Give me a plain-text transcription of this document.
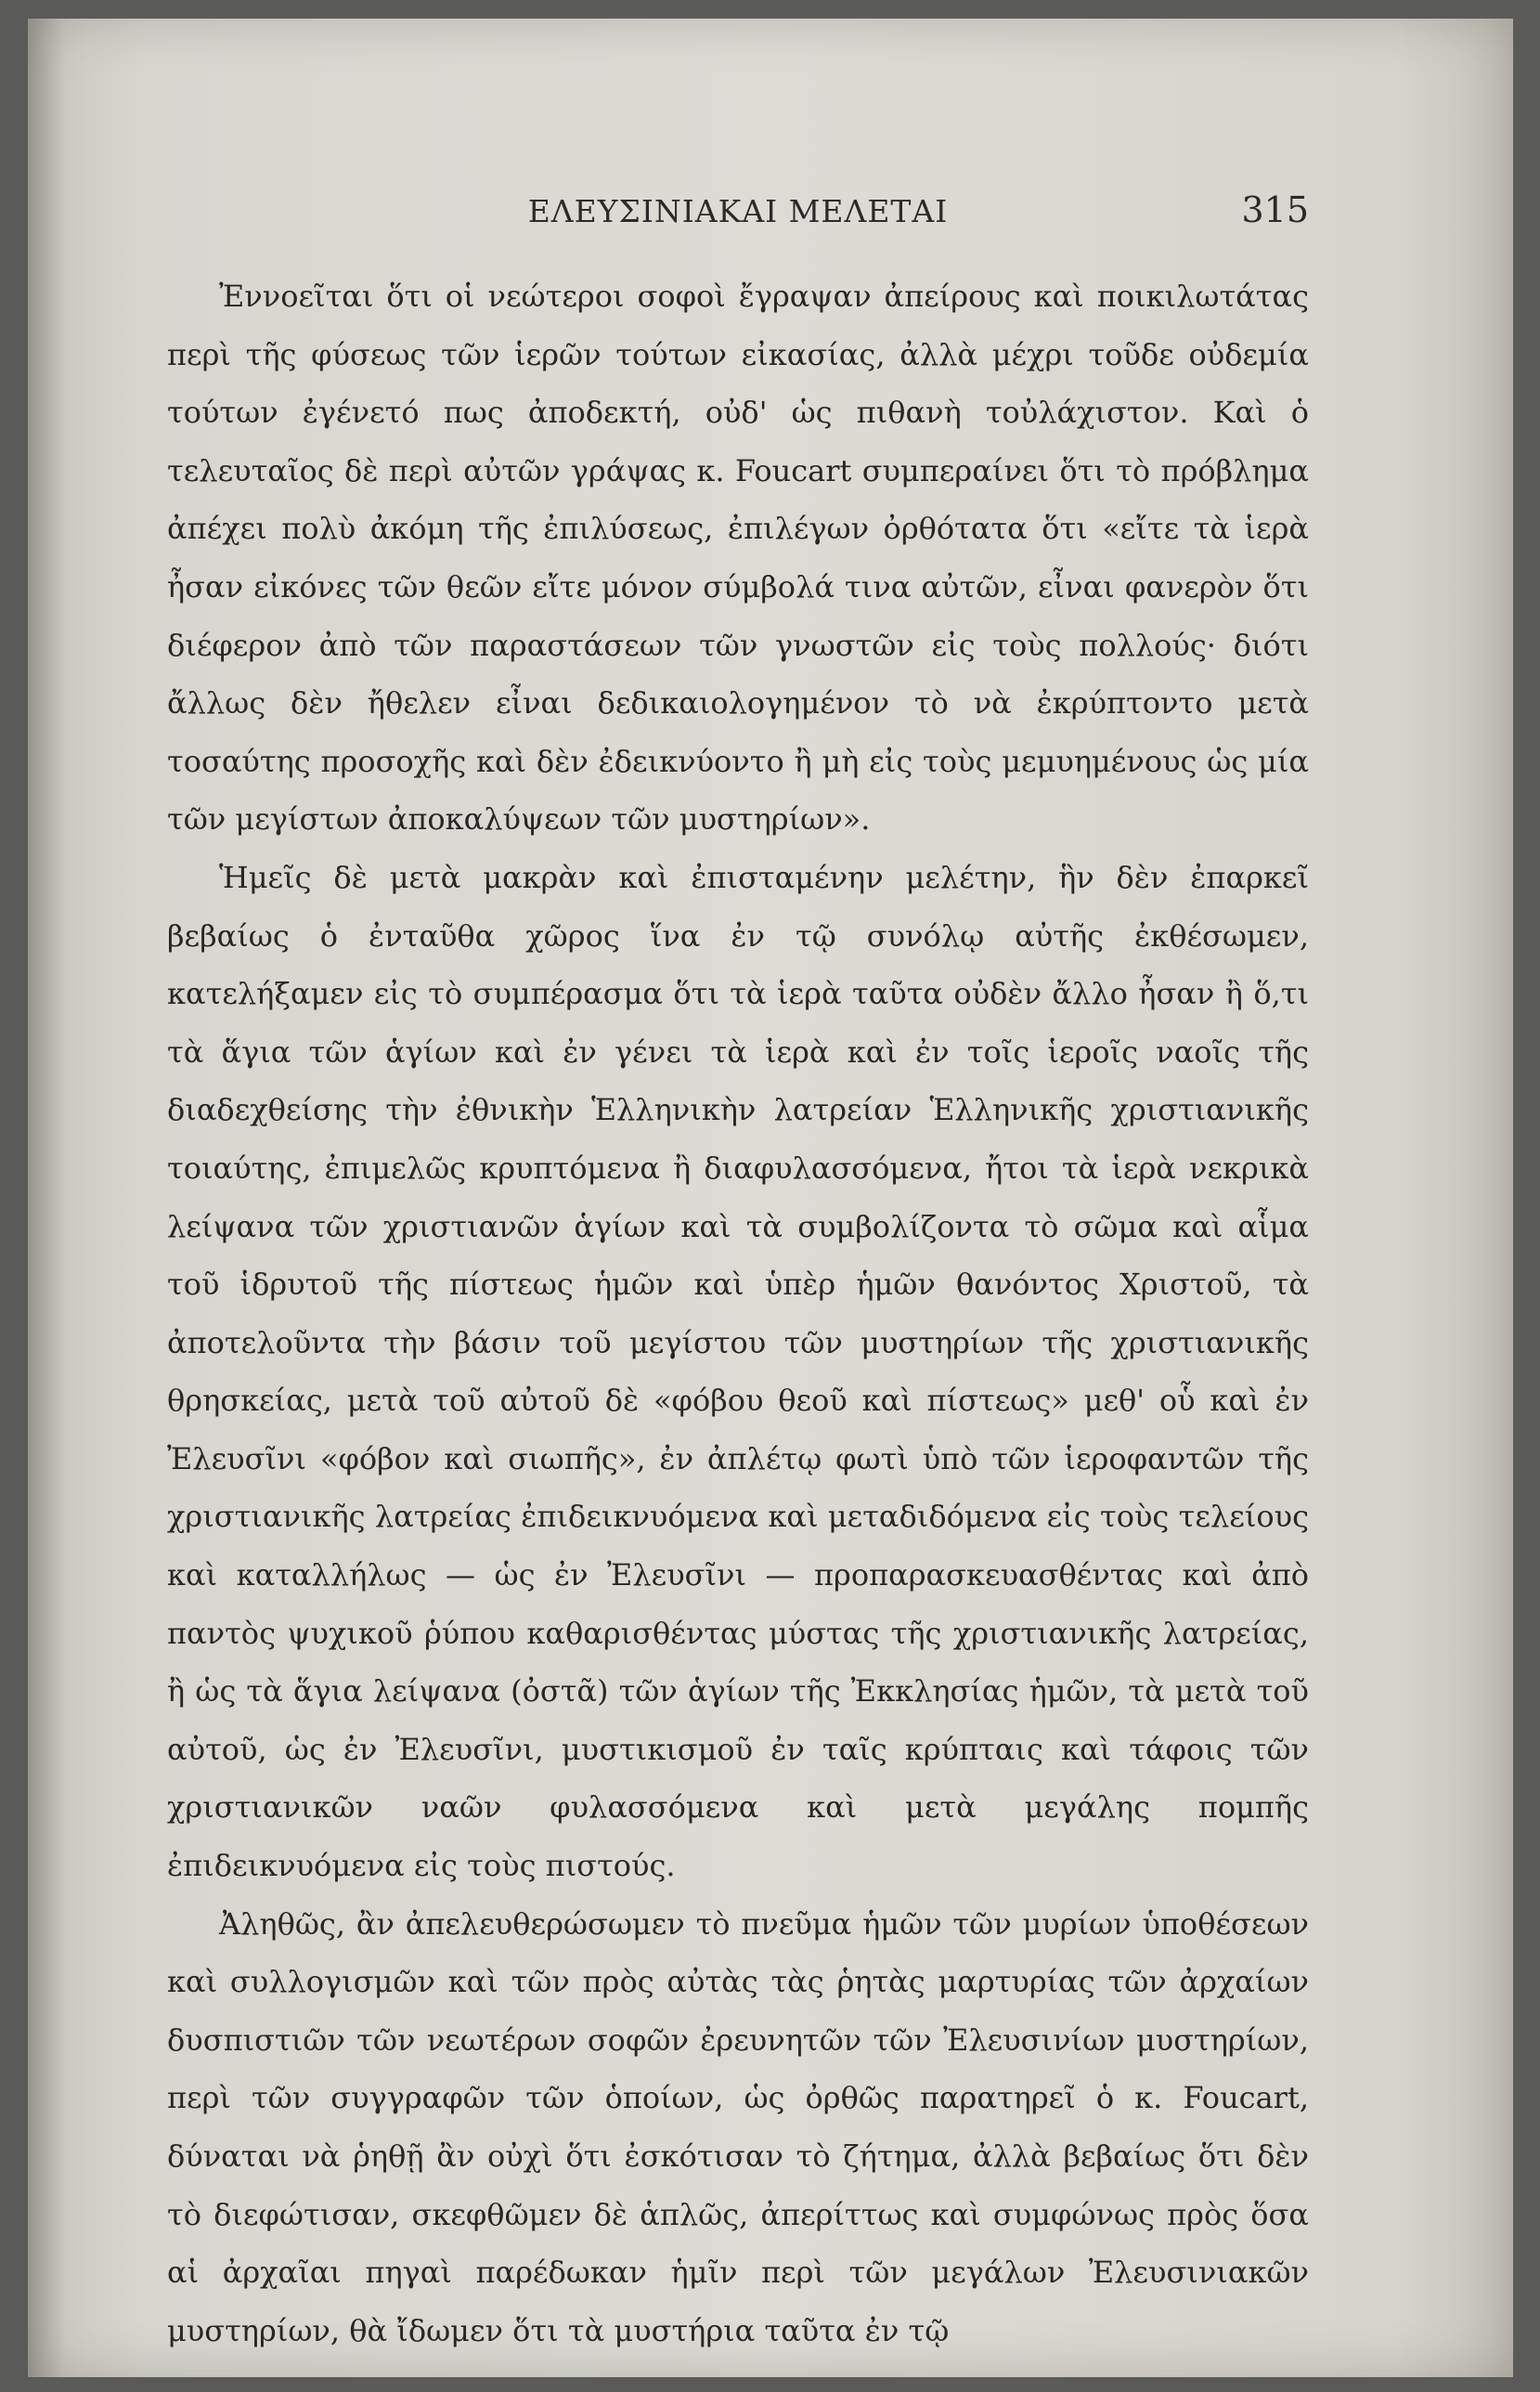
ΕΛΕΥΣΙΝΙΑΚΑΙ ΜΕΛΕΤΑΙ	315

Ἐννοεῖται ὅτι οἱ νεώτεροι σοφοὶ ἔγραψαν ἀπείρους καὶ ποικιλωτάτας περὶ τῆς φύσεως τῶν ἱερῶν τούτων εἰκασίας, ἀλλὰ μέχρι τοῦδε οὐδεμία τούτων ἐγένετό πως ἀποδεκτή, οὐδ' ὡς πιθανὴ τοὐλάχιστον. Καὶ ὁ τελευταῖος δὲ περὶ αὐτῶν γράψας κ. Foucart συμπεραίνει ὅτι τὸ πρόβλημα ἀπέχει πολὺ ἀκόμη τῆς ἐπιλύσεως, ἐπιλέγων ὀρθότατα ὅτι «εἴτε τὰ ἱερὰ ἦσαν εἰκόνες τῶν θεῶν εἴτε μόνον σύμβολά τινα αὐτῶν, εἶναι φανερὸν ὅτι διέφερον ἀπὸ τῶν παραστάσεων τῶν γνωστῶν εἰς τοὺς πολλούς· διότι ἄλλως δὲν ἤθελεν εἶναι δεδικαιολογημένον τὸ νὰ ἐκρύπτοντο μετὰ τοσαύτης προσοχῆς καὶ δὲν ἐδεικνύοντο ἢ μὴ εἰς τοὺς μεμυημένους ὡς μία τῶν μεγίστων ἀποκαλύψεων τῶν μυστηρίων».

Ἡμεῖς δὲ μετὰ μακρὰν καὶ ἐπισταμένην μελέτην, ἣν δὲν ἐπαρκεῖ βεβαίως ὁ ἐνταῦθα χῶρος ἵνα ἐν τῷ συνόλῳ αὐτῆς ἐκθέσωμεν, κατελήξαμεν εἰς τὸ συμπέρασμα ὅτι τὰ ἱερὰ ταῦτα οὐδὲν ἄλλο ἦσαν ἢ ὅ,τι τὰ ἅγια τῶν ἁγίων καὶ ἐν γένει τὰ ἱερὰ καὶ ἐν τοῖς ἱεροῖς ναοῖς τῆς διαδεχθείσης τὴν ἐθνικὴν Ἑλληνικὴν λατρείαν Ἑλληνικῆς χριστιανικῆς τοιαύτης, ἐπιμελῶς κρυπτόμενα ἢ διαφυλασσόμενα, ἤτοι τὰ ἱερὰ νεκρικὰ λείψανα τῶν χριστιανῶν ἁγίων καὶ τὰ συμβολίζοντα τὸ σῶμα καὶ αἷμα τοῦ ἱδρυτοῦ τῆς πίστεως ἡμῶν καὶ ὑπὲρ ἡμῶν θανόντος Χριστοῦ, τὰ ἀποτελοῦντα τὴν βάσιν τοῦ μεγίστου τῶν μυστηρίων τῆς χριστιανικῆς θρησκείας, μετὰ τοῦ αὐτοῦ δὲ «φόβου θεοῦ καὶ πίστεως» μεθ' οὗ καὶ ἐν Ἐλευσῖνι «φόβον καὶ σιωπῆς», ἐν ἀπλέτῳ φωτὶ ὑπὸ τῶν ἱεροφαντῶν τῆς χριστιανικῆς λατρείας ἐπιδεικνυόμενα καὶ μεταδιδόμενα εἰς τοὺς τελείους καὶ καταλλήλως — ὡς ἐν Ἐλευσῖνι — προπαρασκευασθέντας καὶ ἀπὸ παντὸς ψυχικοῦ ῥύπου καθαρισθέντας μύστας τῆς χριστιανικῆς λατρείας, ἢ ὡς τὰ ἅγια λείψανα (ὀστᾶ) τῶν ἁγίων τῆς Ἐκκλησίας ἡμῶν, τὰ μετὰ τοῦ αὐτοῦ, ὡς ἐν Ἐλευσῖνι, μυστικισμοῦ ἐν ταῖς κρύπταις καὶ τάφοις τῶν χριστιανικῶν ναῶν φυλασσόμενα καὶ μετὰ μεγάλης πομπῆς ἐπιδεικνυόμενα εἰς τοὺς πιστούς.

Ἀληθῶς, ἂν ἀπελευθερώσωμεν τὸ πνεῦμα ἡμῶν τῶν μυρίων ὑποθέσεων καὶ συλλογισμῶν καὶ τῶν πρὸς αὐτὰς τὰς ῥητὰς μαρτυρίας τῶν ἀρχαίων δυσπιστιῶν τῶν νεωτέρων σοφῶν ἐρευνητῶν τῶν Ἐλευσινίων μυστηρίων, περὶ τῶν συγγραφῶν τῶν ὁποίων, ὡς ὀρθῶς παρατηρεῖ ὁ κ. Foucart, δύναται νὰ ῥηθῇ ἂν οὐχὶ ὅτι ἐσκότισαν τὸ ζήτημα, ἀλλὰ βεβαίως ὅτι δὲν τὸ διεφώτισαν, σκεφθῶμεν δὲ ἁπλῶς, ἀπερίττως καὶ συμφώνως πρὸς ὅσα αἱ ἀρχαῖαι πηγαὶ παρέδωκαν ἡμῖν περὶ τῶν μεγάλων Ἐλευσινιακῶν μυστηρίων, θὰ ἴδωμεν ὅτι τὰ μυστήρια ταῦτα ἐν τῷ
